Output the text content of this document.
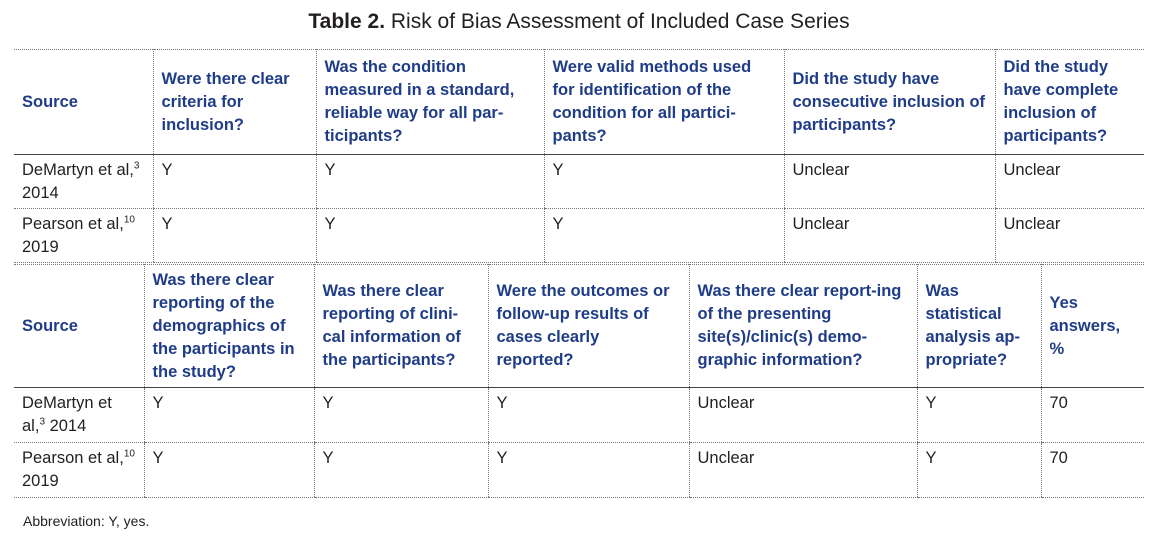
Table 2. Risk of Bias Assessment of Included Case Series
Source	Were there clear criteria for inclusion?	Was the condition measured in a standard, reliable way for all par-ticipants?	Were valid methods used for identification of the condition for all partici-pants?	Did the study have consecutive inclusion of participants?	Did the study have complete inclusion of participants?
DeMartyn et al,$^3$ 2014	Y	Y	Y	Unclear	Unclear
Pearson et al,$^{10}$ 2019	Y	Y	Y	Unclear	Unclear
Source	Was there clear reporting of the demographics of the participants in the study?	Was there clear reporting of clini-cal information of the participants?	Were the outcomes or follow-up results of cases clearly reported?	Was there clear report-ing of the presenting site(s)/clinic(s) demo-graphic information?	Was statistical analysis ap-propriate?	Yes answers, %
DeMartyn et al,$^3$ 2014	Y	Y	Y	Unclear	Y	70
Pearson et al,$^{10}$ 2019	Y	Y	Y	Unclear	Y	70
Abbreviation: Y, yes.
